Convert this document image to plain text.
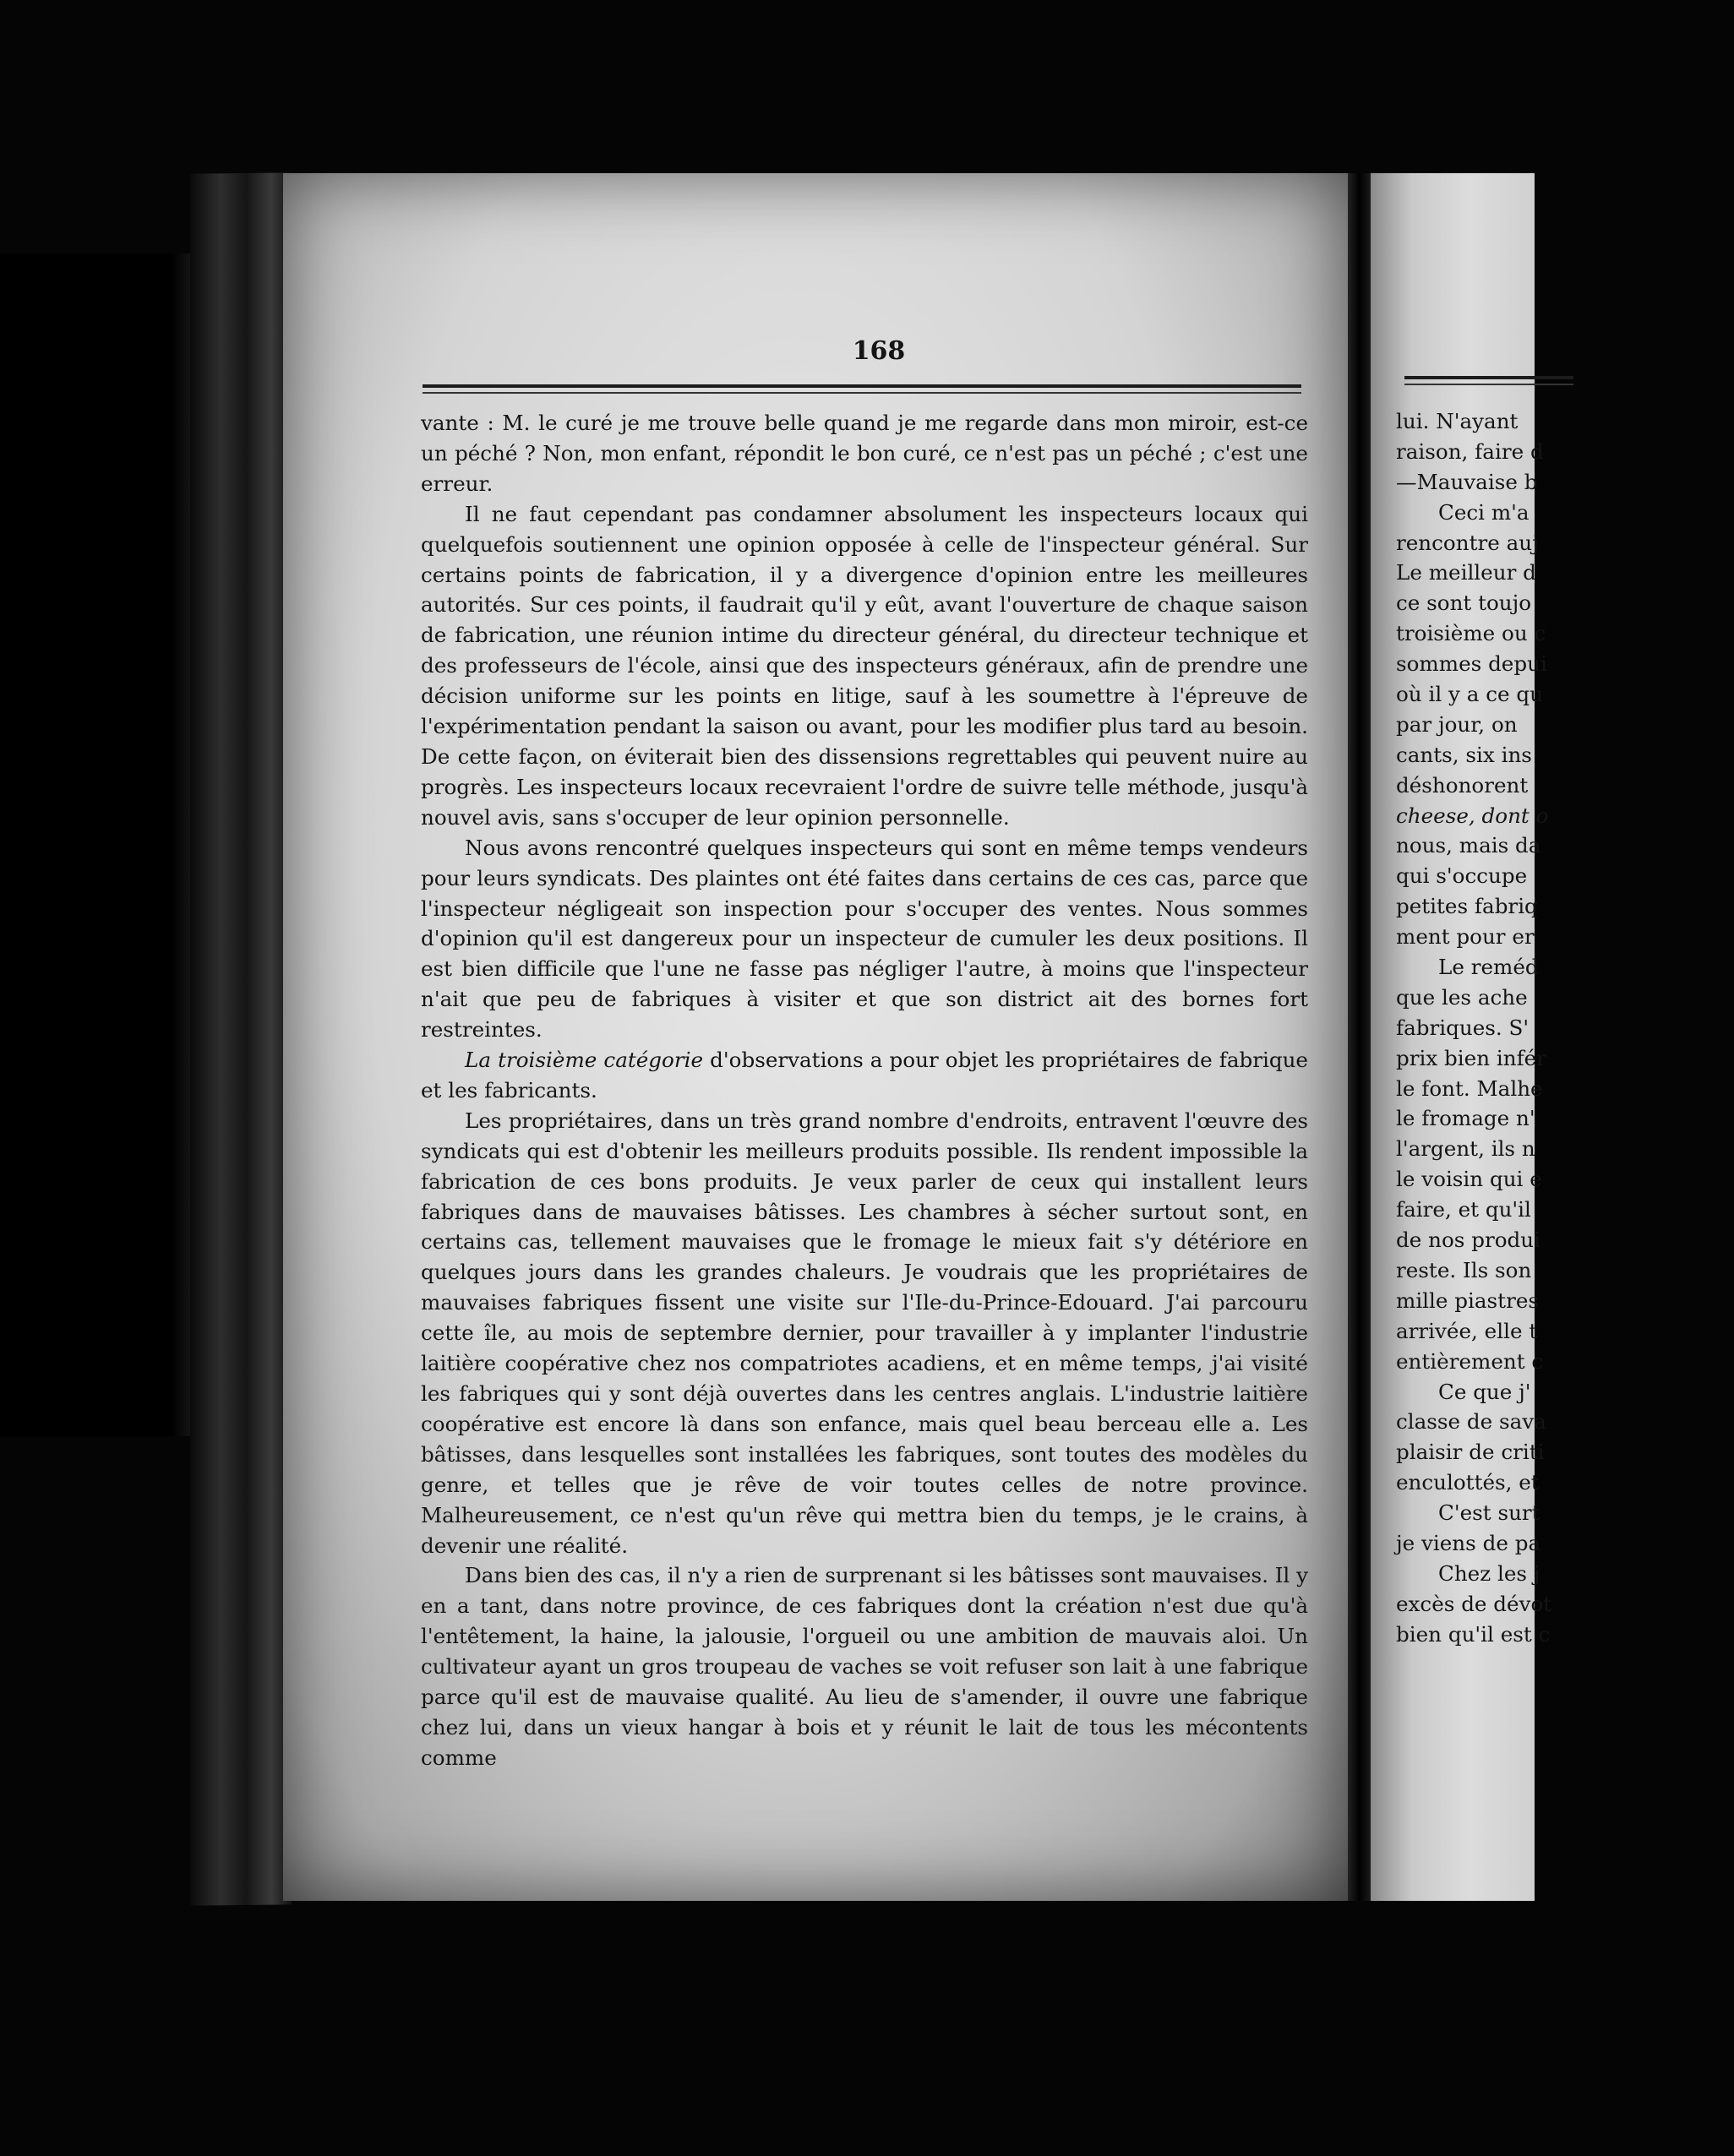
168

vante : M. le curé je me trouve belle quand je me regarde dans mon miroir, est-ce un péché ? Non, mon enfant, répondit le bon curé, ce n'est pas un péché ; c'est une erreur.

Il ne faut cependant pas condamner absolument les inspecteurs locaux qui quelquefois soutiennent une opinion opposée à celle de l'inspecteur général. Sur certains points de fabrication, il y a divergence d'opinion entre les meilleures autorités. Sur ces points, il faudrait qu'il y eût, avant l'ouverture de chaque saison de fabrication, une réunion intime du directeur général, du directeur technique et des professeurs de l'école, ainsi que des inspecteurs généraux, afin de prendre une décision uniforme sur les points en litige, sauf à les soumettre à l'épreuve de l'expérimentation pendant la saison ou avant, pour les modifier plus tard au besoin. De cette façon, on éviterait bien des dissensions regrettables qui peuvent nuire au progrès. Les inspecteurs locaux recevraient l'ordre de suivre telle méthode, jusqu'à nouvel avis, sans s'occuper de leur opinion personnelle.

Nous avons rencontré quelques inspecteurs qui sont en même temps vendeurs pour leurs syndicats. Des plaintes ont été faites dans certains de ces cas, parce que l'inspecteur négligeait son inspection pour s'occuper des ventes. Nous sommes d'opinion qu'il est dangereux pour un inspecteur de cumuler les deux positions. Il est bien difficile que l'une ne fasse pas négliger l'autre, à moins que l'inspecteur n'ait que peu de fabriques à visiter et que son district ait des bornes fort restreintes.

La troisième catégorie d'observations a pour objet les propriétaires de fabrique et les fabricants.

Les propriétaires, dans un très grand nombre d'endroits, entravent l'œuvre des syndicats qui est d'obtenir les meilleurs produits possible. Ils rendent impossible la fabrication de ces bons produits. Je veux parler de ceux qui installent leurs fabriques dans de mauvaises bâtisses. Les chambres à sécher surtout sont, en certains cas, tellement mauvaises que le fromage le mieux fait s'y détériore en quelques jours dans les grandes chaleurs. Je voudrais que les propriétaires de mauvaises fabriques fissent une visite sur l'Ile-du-Prince-Edouard. J'ai parcouru cette île, au mois de septembre dernier, pour travailler à y implanter l'industrie laitière coopérative chez nos compatriotes acadiens, et en même temps, j'ai visité les fabriques qui y sont déjà ouvertes dans les centres anglais. L'industrie laitière coopérative est encore là dans son enfance, mais quel beau berceau elle a. Les bâtisses, dans lesquelles sont installées les fabriques, sont toutes des modèles du genre, et telles que je rêve de voir toutes celles de notre province. Malheureusement, ce n'est qu'un rêve qui mettra bien du temps, je le crains, à devenir une réalité.

Dans bien des cas, il n'y a rien de surprenant si les bâtisses sont mauvaises. Il y en a tant, dans notre province, de ces fabriques dont la création n'est due qu'à l'entêtement, la haine, la jalousie, l'orgueil ou une ambition de mauvais aloi. Un cultivateur ayant un gros troupeau de vaches se voit refuser son lait à une fabrique parce qu'il est de mauvaise qualité. Au lieu de s'amender, il ouvre une fabrique chez lui, dans un vieux hangar à bois et y réunit le lait de tous les mécontents comme

lui. N'ayant
raison, faire d
—Mauvaise b
Ceci m'a
rencontre auj
Le meilleur d
ce sont toujo
troisième ou c
sommes depui
où il y a ce qu
par jour, on
cants, six ins
déshonorent
cheese, dont o
nous, mais da
qui s'occupe
petites fabriq
ment pour er
Le reméd
que les ache
fabriques. S'
prix bien infér
le font. Malhe
le fromage n'
l'argent, ils n
le voisin qui e
faire, et qu'il
de nos produi
reste. Ils son
mille piastres
arrivée, elle t
entièrement c
Ce que j'
classe de sava
plaisir de criti
enculottés, et
C'est surt
je viens de pa
Chez les j
excès de dévot
bien qu'il est c
